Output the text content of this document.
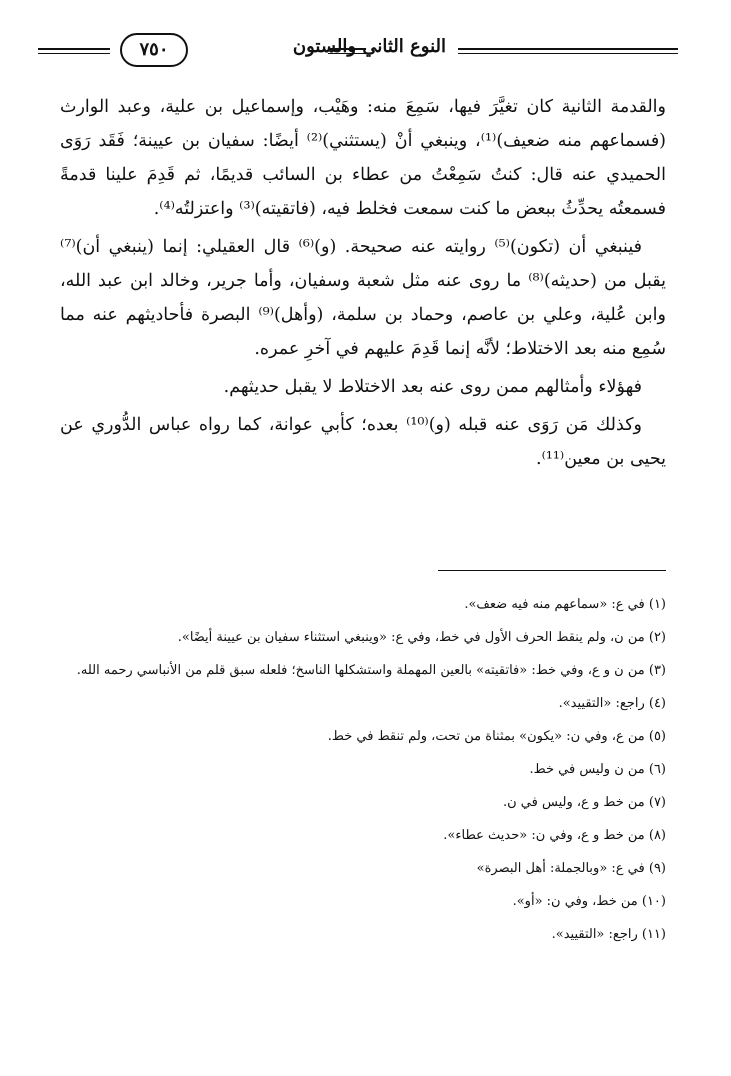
النوع الثاني والستون
٧٥٠

والقدمة الثانية كان تغيَّرَ فيها، سَمِعَ منه: وهَيْب، وإسماعيل بن علية، وعبد الوارث (فسماعهم منه ضعيف)⁽¹⁾، وينبغي أنْ (يستثني)⁽²⁾ أيضًا: سفيان بن عيينة؛ فَقَد رَوَى الحميدي عنه قال: كنتُ سَمِعْتُ من عطاء بن السائب قديمًا، ثم قَدِمَ علينا قدمةً فسمعتُه يحدِّثُ ببعض ما كنت سمعت فخلط فيه، (فاتقيته)⁽³⁾ واعتزلتُه⁽⁴⁾.

فينبغي أن (تكون)⁽⁵⁾ روايته عنه صحيحة. (و)⁽⁶⁾ قال العقيلي: إنما (ينبغي أن)⁽⁷⁾ يقبل من (حديثه)⁽⁸⁾ ما روى عنه مثل شعبة وسفيان، وأما جرير، وخالد ابن عبد الله، وابن عُلية، وعلي بن عاصم، وحماد بن سلمة، (وأهل)⁽⁹⁾ البصرة فأحاديثهم عنه مما سُمِع منه بعد الاختلاط؛ لأنَّه إنما قَدِمَ عليهم في آخرِ عمره.

فهؤلاء وأمثالهم ممن روى عنه بعد الاختلاط لا يقبل حديثهم.

وكذلك مَن رَوَى عنه قبله (و)⁽¹⁰⁾ بعده؛ كأبي عوانة، كما رواه عباس الدُّوري عن يحيى بن معين⁽¹¹⁾.

(١) في ع: «سماعهم منه فيه ضعف».
(٢) من ن، ولم ينقط الحرف الأول في خط، وفي ع: «وينبغي استثناء سفيان بن عيينة أيضًا».
(٣) من ن و ع، وفي خط: «فاتقيته» بالعين المهملة واستشكلها الناسخ؛ فلعله سبق قلم من الأنباسي رحمه الله.
(٤) راجع: «التقييد».
(٥) من ع، وفي ن: «يكون» بمثناة من تحت، ولم تنقط في خط.
(٦) من ن وليس في خط.
(٧) من خط و ع، وليس في ن.
(٨) من خط و ع، وفي ن: «حديث عطاء».
(٩) في ع: «وبالجملة: أهل البصرة»
(١٠) من خط، وفي ن: «أو».
(١١) راجع: «التقييد».
